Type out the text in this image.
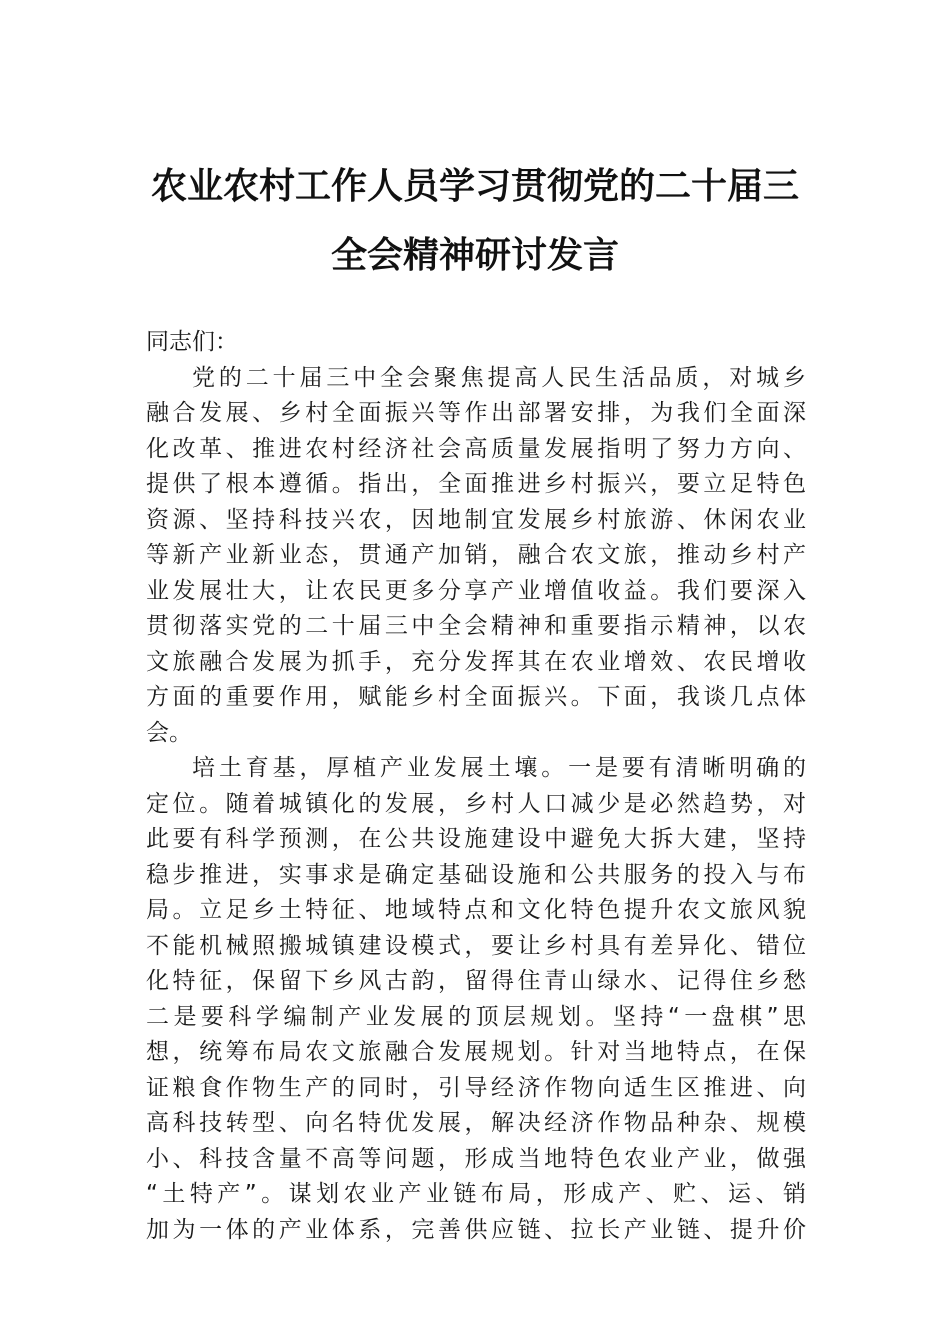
农业农村工作人员学习贯彻党的二十届三
全会精神研讨发言
同志们：
党的二十届三中全会聚焦提高人民生活品质，对城乡
融合发展、乡村全面振兴等作出部署安排，为我们全面深
化改革、推进农村经济社会高质量发展指明了努力方向、
提供了根本遵循。指出，全面推进乡村振兴，要立足特色
资源、坚持科技兴农，因地制宜发展乡村旅游、休闲农业
等新产业新业态，贯通产加销，融合农文旅，推动乡村产
业发展壮大，让农民更多分享产业增值收益。我们要深入
贯彻落实党的二十届三中全会精神和重要指示精神，以农
文旅融合发展为抓手，充分发挥其在农业增效、农民增收
方面的重要作用，赋能乡村全面振兴。下面，我谈几点体
会。
培土育基，厚植产业发展土壤。一是要有清晰明确的
定位。随着城镇化的发展，乡村人口减少是必然趋势，对
此要有科学预测，在公共设施建设中避免大拆大建，坚持
稳步推进，实事求是确定基础设施和公共服务的投入与布
局。立足乡土特征、地域特点和文化特色提升农文旅风貌
不能机械照搬城镇建设模式，要让乡村具有差异化、错位
化特征，保留下乡风古韵，留得住青山绿水、记得住乡愁
二是要科学编制产业发展的顶层规划。坚持“一盘棋”思
想，统筹布局农文旅融合发展规划。针对当地特点，在保
证粮食作物生产的同时，引导经济作物向适生区推进、向
高科技转型、向名特优发展，解决经济作物品种杂、规模
小、科技含量不高等问题，形成当地特色农业产业，做强
“土特产”。谋划农业产业链布局，形成产、贮、运、销
加为一体的产业体系，完善供应链、拉长产业链、提升价
